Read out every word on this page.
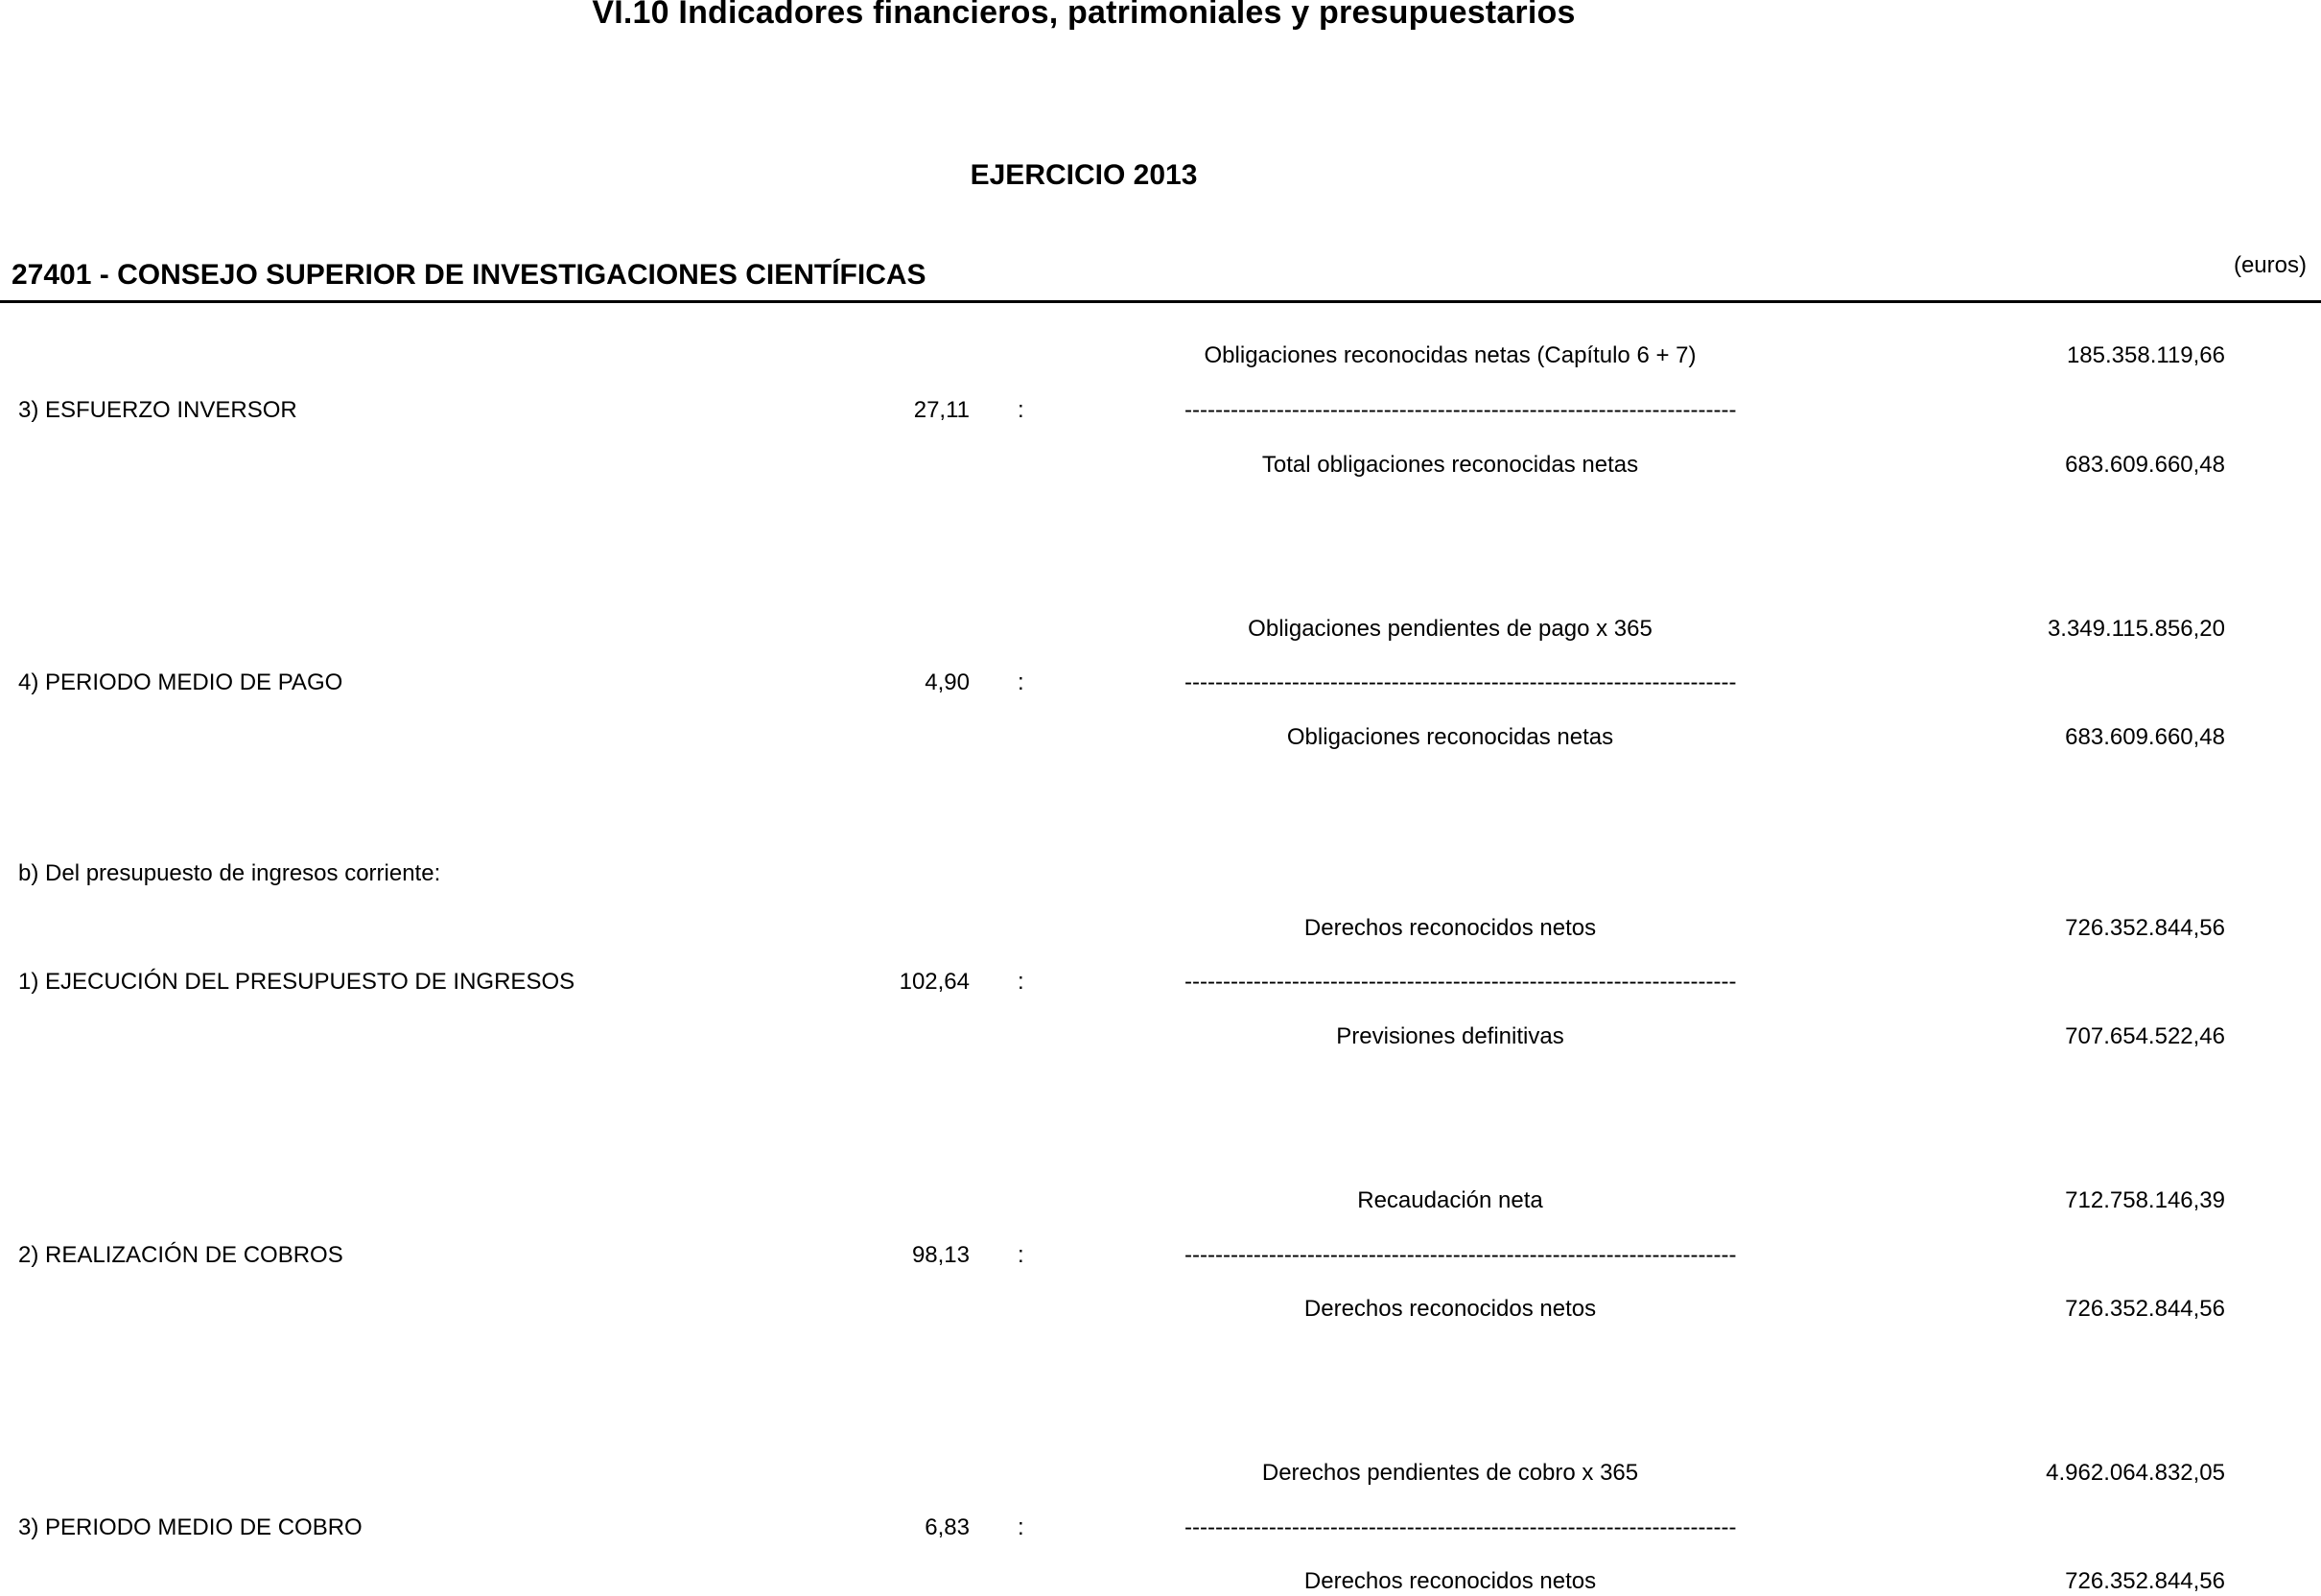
VI.10 Indicadores financieros, patrimoniales y presupuestarios
EJERCICIO 2013
27401 - CONSEJO SUPERIOR DE INVESTIGACIONES CIENTÍFICAS	(euros)
Obligaciones reconocidas netas (Capítulo 6 + 7)	185.358.119,66
3) ESFUERZO INVERSOR	27,11 :	------------------------------------------------------------------------
Total obligaciones reconocidas netas	683.609.660,48
Obligaciones pendientes de pago x 365	3.349.115.856,20
4) PERIODO MEDIO DE PAGO	4,90 :	------------------------------------------------------------------------
Obligaciones reconocidas netas	683.609.660,48
b) Del presupuesto de ingresos corriente:
Derechos reconocidos netos	726.352.844,56
1) EJECUCIÓN DEL PRESUPUESTO DE INGRESOS	102,64 :	------------------------------------------------------------------------
Previsiones definitivas	707.654.522,46
Recaudación neta	712.758.146,39
2) REALIZACIÓN DE COBROS	98,13 :	------------------------------------------------------------------------
Derechos reconocidos netos	726.352.844,56
Derechos pendientes de cobro x 365	4.962.064.832,05
3) PERIODO MEDIO DE COBRO	6,83 :	------------------------------------------------------------------------
Derechos reconocidos netos	726.352.844,56
